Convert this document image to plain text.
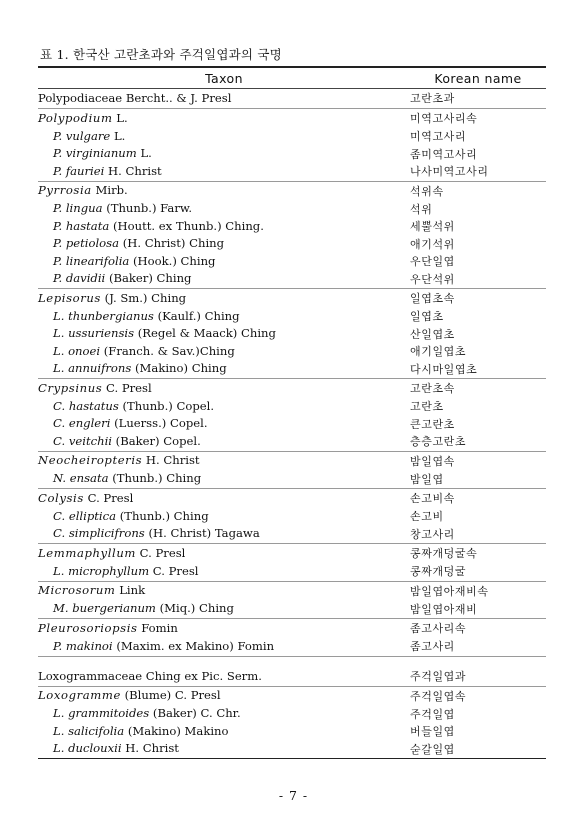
표 1. 한국산 고란초과와 주걱일엽과의 국명
Taxon	Korean name
Polypodiaceae Bercht.. & J. Presl	고란초과
Polypodium L.	미역고사리속
P. vulgare L.	미역고사리
P. virginianum L.	좀미역고사리
P. fauriei H. Christ	나사미역고사리
Pyrrosia Mirb.	석위속
P. lingua (Thunb.) Farw.	석위
P. hastata (Houtt. ex Thunb.) Ching.	세뿔석위
P. petiolosa (H. Christ) Ching	애기석위
P. linearifolia (Hook.) Ching	우단일엽
P. davidii (Baker) Ching	우단석위
Lepisorus (J. Sm.) Ching	일엽초속
L. thunbergianus (Kaulf.) Ching	일엽초
L. ussuriensis (Regel & Maack) Ching	산일엽초
L. onoei (Franch. & Sav.)Ching	애기일엽초
L. annuifrons (Makino) Ching	다시마일엽초
Crypsinus C. Presl	고란초속
C. hastatus (Thunb.) Copel.	고란초
C. engleri (Luerss.) Copel.	큰고란초
C. veitchii (Baker) Copel.	층층고란초
Neocheiropteris H. Christ	밤일엽속
N. ensata (Thunb.) Ching	밤일엽
Colysis C. Presl	손고비속
C. elliptica (Thunb.) Ching	손고비
C. simplicifrons (H. Christ) Tagawa	창고사리
Lemmaphyllum C. Presl	콩짜개덩굴속
L. microphyllum C. Presl	콩짜개덩굴
Microsorum Link	밤일엽아재비속
M. buergerianum (Miq.) Ching	밤일엽아재비
Pleurosoriopsis Fomin	좀고사리속
P. makinoi (Maxim. ex Makino) Fomin	좀고사리
Loxogrammaceae Ching ex Pic. Serm.	주걱일엽과
Loxogramme (Blume) C. Presl	주걱일엽속
L. grammitoides (Baker) C. Chr.	주걱일엽
L. salicifolia (Makino) Makino	버들일엽
L. duclouxii H. Christ	숟갈일엽
- 7 -
